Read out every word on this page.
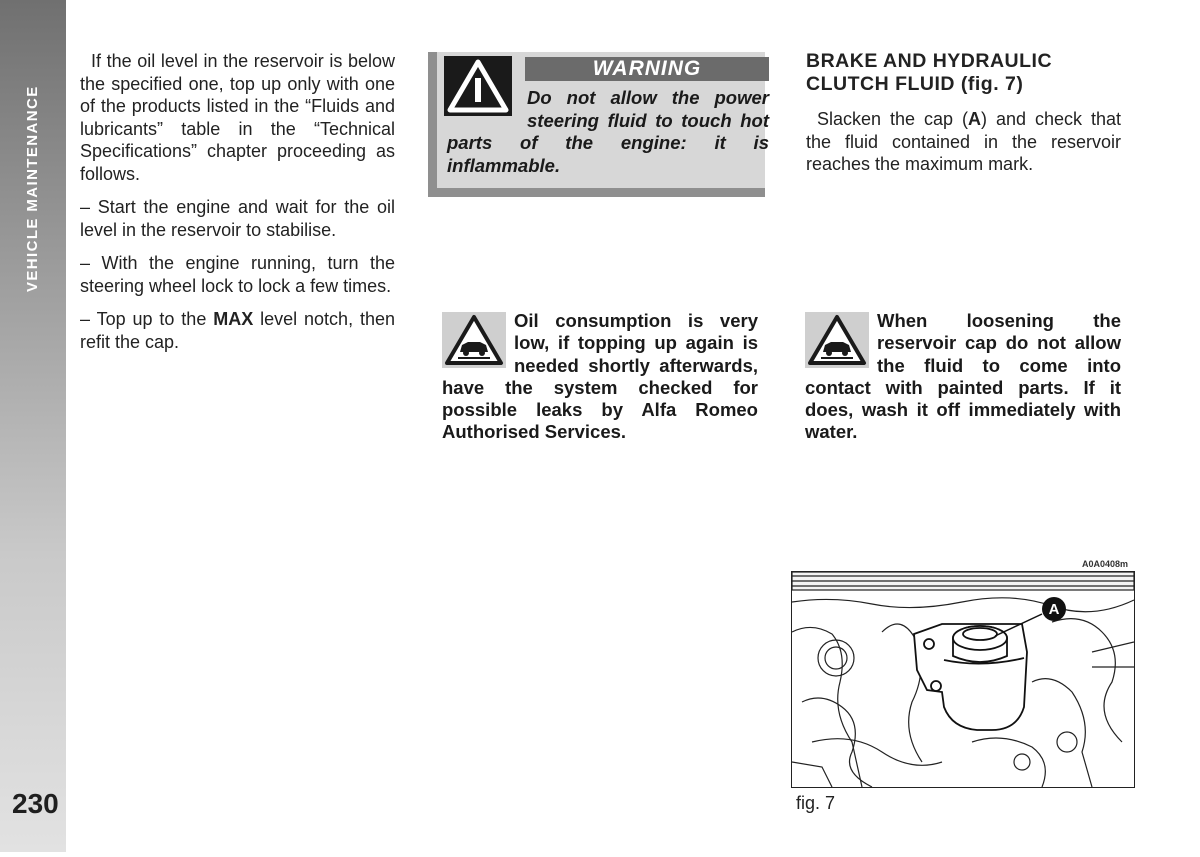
VEHICLE MAINTENANCE
230

If the oil level in the reservoir is below the specified one, top up only with one of the products listed in the “Fluids and lubricants” table in the “Technical Specifications” chapter proceeding as follows.

– Start the engine and wait for the oil level in the reservoir to stabilise.

– With the engine running, turn the steering wheel lock to lock a few times.

– Top up to the MAX level notch, then refit the cap.

WARNING
Do not allow the power steering fluid to touch hot parts of the engine: it is inflammable.
Oil consumption is very low, if topping up again is needed shortly afterwards, have the system checked for possible leaks by Alfa Romeo Authorised Services.
BRAKE AND HYDRAULIC
CLUTCH FLUID (fig. 7)
Slacken the cap (A) and check that the fluid contained in the reservoir reaches the maximum mark.
When loosening the reservoir cap do not allow the fluid to come into contact with painted parts. If it does, wash it off immediately with water.
A0A0408m
A
fig. 7
